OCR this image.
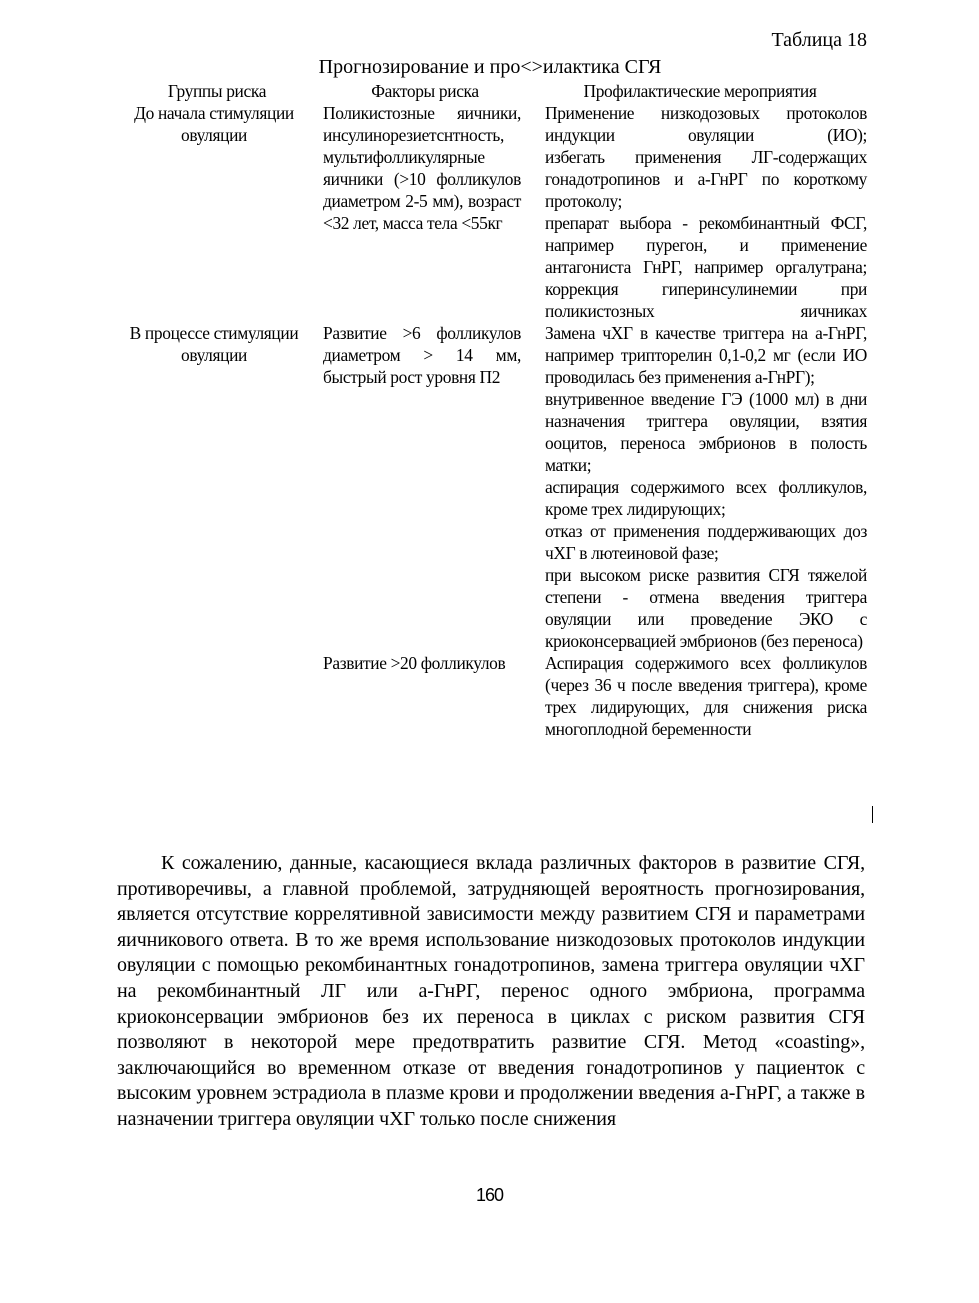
Таблица 18
Прогнозирование и про<>илактика СГЯ
Группы риска	Факторы риска	Профилактические мероприятия
До начала стимуляции овуляции	Поликистозные яичники, инсулинорезиетснтность, мультифолликулярные яичники (>10 фолликулов диаметром 2-5 мм), возраст <32 лет, масса тела <55кг	Применение низкодозовых протоколов индукции овуляции (ИО);

избегать применения ЛГ-содержащих гонадотропинов и а-ГнРГ по короткому протоколу;

препарат выбора - рекомбинантный ФСГ, например пурегон, и применение антагониста ГнРГ, например оргалутрана;

коррекция гиперинсулинемии при поликистозных яичниках

В процессе стимуляции овуляции	Развитие >6 фолликулов диаметром > 14 мм, быстрый рост уровня П2	Замена чХГ в качестве триггера на а-ГнРГ, например трипторелин 0,1-0,2 мг (если ИО проводилась без применения а-ГнРГ);

внутривенное введение ГЭ (1000 мл) в дни назначения триггера овуляции, взятия ооцитов, переноса эмбрионов в полость матки;

аспирация содержимого всех фолликулов, кроме трех лидирующих;

отказ от применения поддерживающих доз чХГ в лютеиновой фазе;

при высоком риске развития СГЯ тяжелой степени - отмена введения триггера овуляции или проведение ЭКО с криоконсервацией эмбрионов (без переноса)

	Развитие >20 фолликулов	Аспирация содержимого всех фолликулов (через 36 ч после введения триггера), кроме трех лидирующих, для снижения риска многоплодной беременности

К сожалению, данные, касающиеся вклада различных факторов в развитие СГЯ, противоречивы, а главной проблемой, затрудняющей вероятность прогнозирования, является отсутствие коррелятивной зависимости между развитием СГЯ и параметрами яичникового ответа. В то же время использование низкодозовых протоколов индукции овуляции с помощью рекомбинантных гонадотропинов, замена триггера овуляции чХГ на рекомбинантный ЛГ или а-ГнРГ, перенос одного эмбриона, программа криоконсервации эмбрионов без их переноса в циклах с риском развития СГЯ позволяют в некоторой мере предотвратить развитие СГЯ. Метод «coasting», заключающийся во временном отказе от введения гонадотропинов у пациенток с высоким уровнем эстрадиола в плазме крови и продолжении введения а-ГнРГ, а также в назначении триггера овуляции чХГ только после снижения

160
